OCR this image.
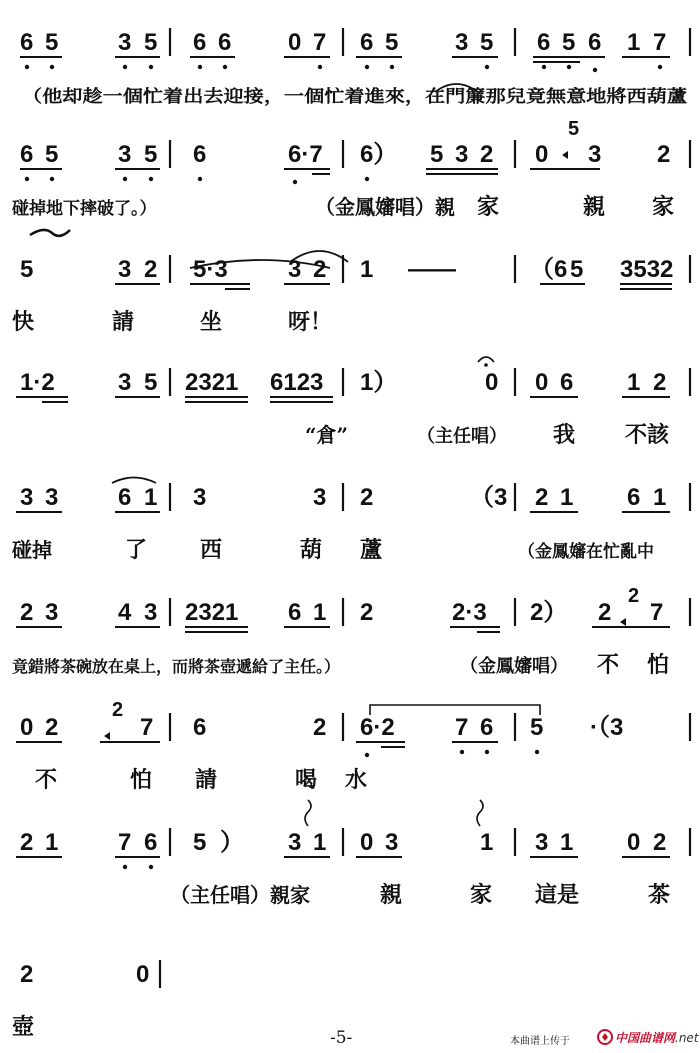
6 5 3 5 6 6 0 7 6 5 3 5 6 5 6 1 7
（他却趁一個忙着出去迎接，一個忙着進來，在門簾那兒竟無意地將西葫蘆
6 5 3 5 6	6·7 6） 5 3 2 0 3 2
碰掉地下摔破了。）	（金鳳嬸唱）親 家	親 家
5	3 2 5·3	3 2 1 ——	（6 5 3532
快	請	坐	呀！
1·2	3 5 2321 6123 1）	0 0 6 1 2
“倉”	（主任唱） 我 不該
3 3 6 1 3	3 2	（3 2 1 6 1
碰掉	了 西	葫 蘆	（金鳳嬸在忙亂中
2 3 4 3 2321 6 1 2	2·3 2） 2 7
竟錯將茶碗放在桌上，而將茶壺遞給了主任。）	（金鳳嬸唱） 不 怕
0 2	7 6	2 6·2	7 6 5 ·（3
不	怕 請	喝 水
2 1 7 6 5 ） 3 1 0 3	1 3 1 0 2
（主任唱）親家	親	家 這是	茶
2	0
壺
5
2
2
-5-	本曲谱上传于	中国曲谱网.net
